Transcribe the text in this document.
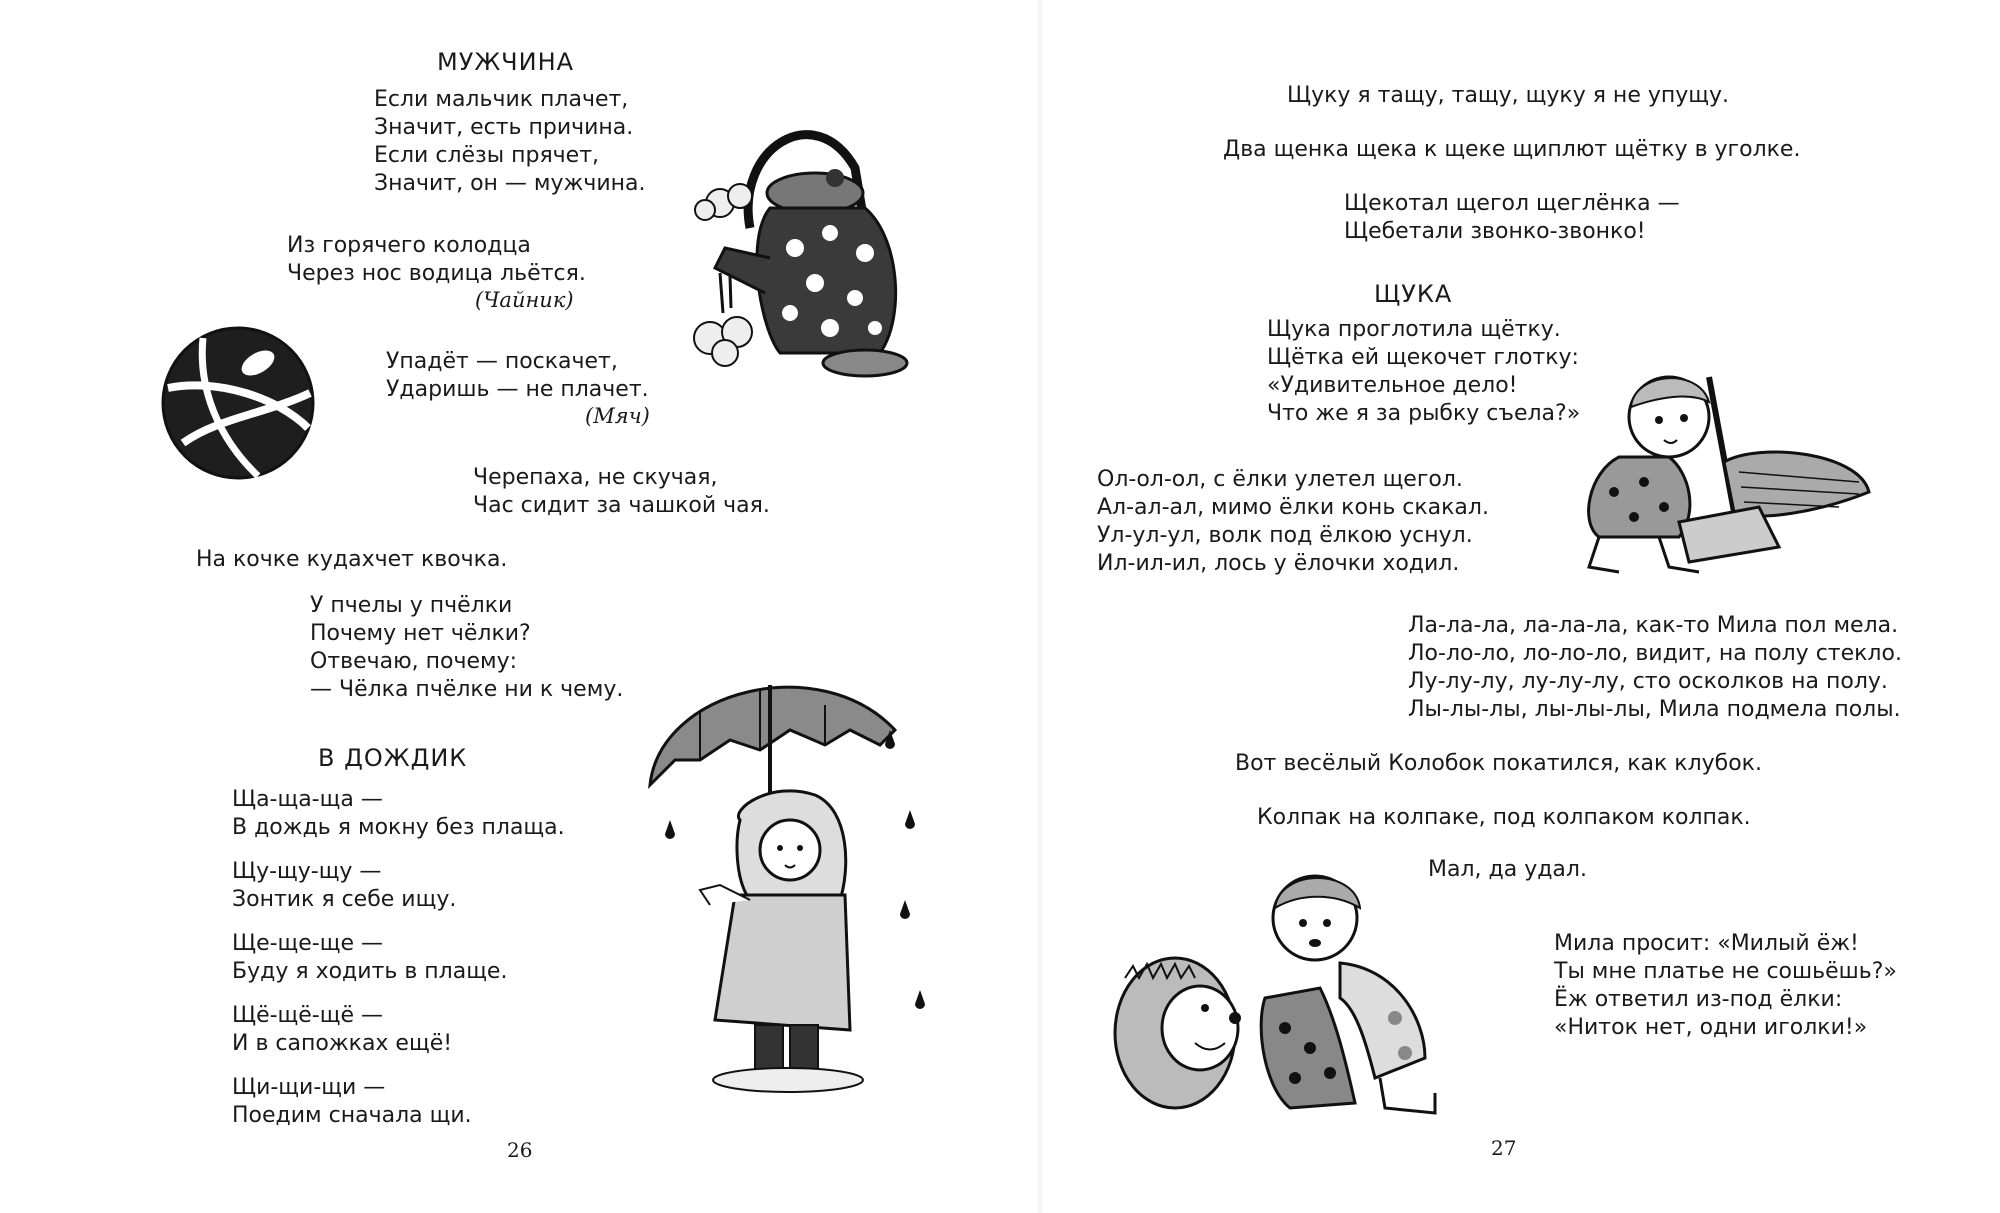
МУЖЧИНА

Если мальчик плачет,

Значит, есть причина.

Если слёзы прячет,

Значит, он — мужчина.

Из горячего колодца

Через нос водица льётся.

(Чайник)

Упадёт — поскачет,

Ударишь — не плачет.

(Мяч)

Черепаха, не скучая,

Час сидит за чашкой чая.

На кочке кудахчет квочка.

У пчелы у пчёлки

Почему нет чёлки?

Отвечаю, почему:

— Чёлка пчёлке ни к чему.

В ДОЖДИК

Ща-ща-ща —

В дождь я мокну без плаща.

Щу-щу-щу —

Зонтик я себе ищу.

Ще-ще-ще —

Буду я ходить в плаще.

Щё-щё-щё —

И в сапожках ещё!

Щи-щи-щи —

Поедим сначала щи.

26

Щуку я тащу, тащу, щуку я не упущу.

Два щенка щека к щеке щиплют щётку в уголке.

Щекотал щегол щеглёнка —

Щебетали звонко-звонко!

ЩУКА

Щука проглотила щётку.

Щётка ей щекочет глотку:

«Удивительное дело!

Что же я за рыбку съела?»

Ол-ол-ол, с ёлки улетел щегол.

Ал-ал-ал, мимо ёлки конь скакал.

Ул-ул-ул, волк под ёлкою уснул.

Ил-ил-ил, лось у ёлочки ходил.

Ла-ла-ла, ла-ла-ла, как-то Мила пол мела.

Ло-ло-ло, ло-ло-ло, видит, на полу стекло.

Лу-лу-лу, лу-лу-лу, сто осколков на полу.

Лы-лы-лы, лы-лы-лы, Мила подмела полы.

Вот весёлый Колобок покатился, как клубок.

Колпак на колпаке, под колпаком колпак.

Мал, да удал.

Мила просит: «Милый ёж!

Ты мне платье не сошьёшь?»

Ёж ответил из-под ёлки:

«Ниток нет, одни иголки!»

27
